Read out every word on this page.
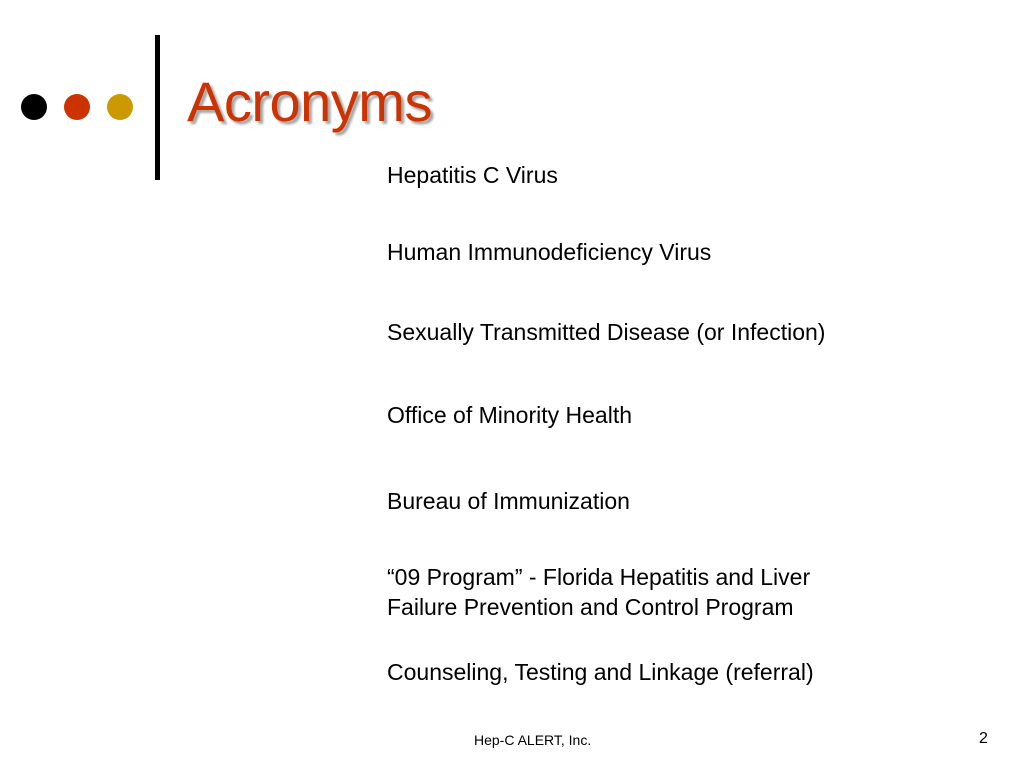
Acronyms
Hepatitis C Virus
Human Immunodeficiency Virus
Sexually Transmitted Disease (or Infection)
Office of Minority Health
Bureau of Immunization
“09 Program” - Florida Hepatitis and Liver Failure Prevention and Control Program
Counseling, Testing and Linkage (referral)
Hep-C ALERT, Inc.	2
